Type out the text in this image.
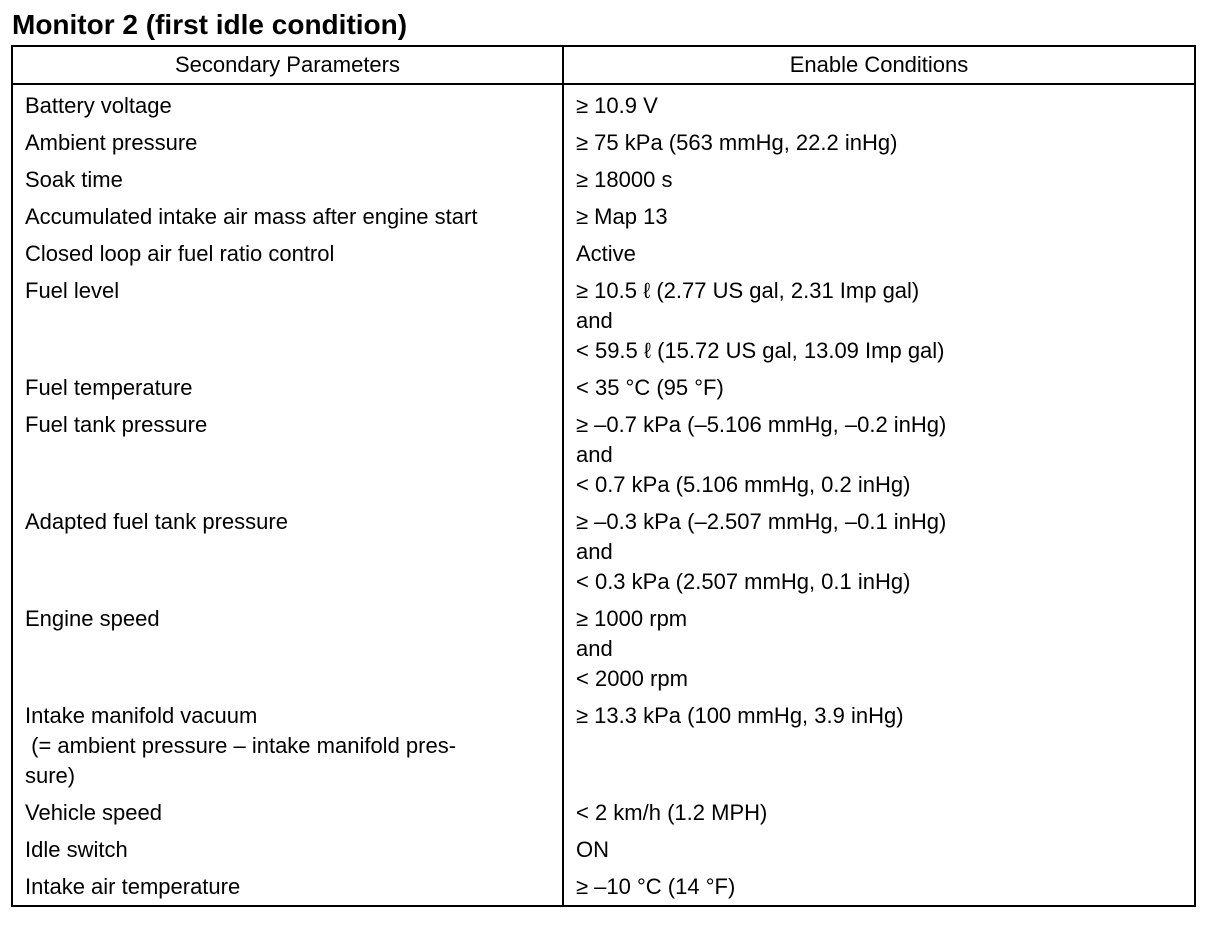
Monitor 2 (first idle condition)
Secondary Parameters	Enable Conditions

Battery voltage	≥ 10.9 V

Ambient pressure	≥ 75 kPa (563 mmHg, 22.2 inHg)

Soak time	≥ 18000 s

Accumulated intake air mass after engine start	≥ Map 13

Closed loop air fuel ratio control	Active

Fuel level	≥ 10.5 ℓ (2.77 US gal, 2.31 Imp gal)
and
< 59.5 ℓ (15.72 US gal, 13.09 Imp gal)

Fuel temperature	< 35 °C (95 °F)

Fuel tank pressure	≥ –0.7 kPa (–5.106 mmHg, –0.2 inHg)
and
< 0.7 kPa (5.106 mmHg, 0.2 inHg)

Adapted fuel tank pressure	≥ –0.3 kPa (–2.507 mmHg, –0.1 inHg)
and
< 0.3 kPa (2.507 mmHg, 0.1 inHg)

Engine speed	≥ 1000 rpm
and
< 2000 rpm

Intake manifold vacuum
(= ambient pressure – intake manifold pres-
sure)	≥ 13.3 kPa (100 mmHg, 3.9 inHg)

Vehicle speed	< 2 km/h (1.2 MPH)

Idle switch	ON

Intake air temperature	≥ –10 °C (14 °F)
